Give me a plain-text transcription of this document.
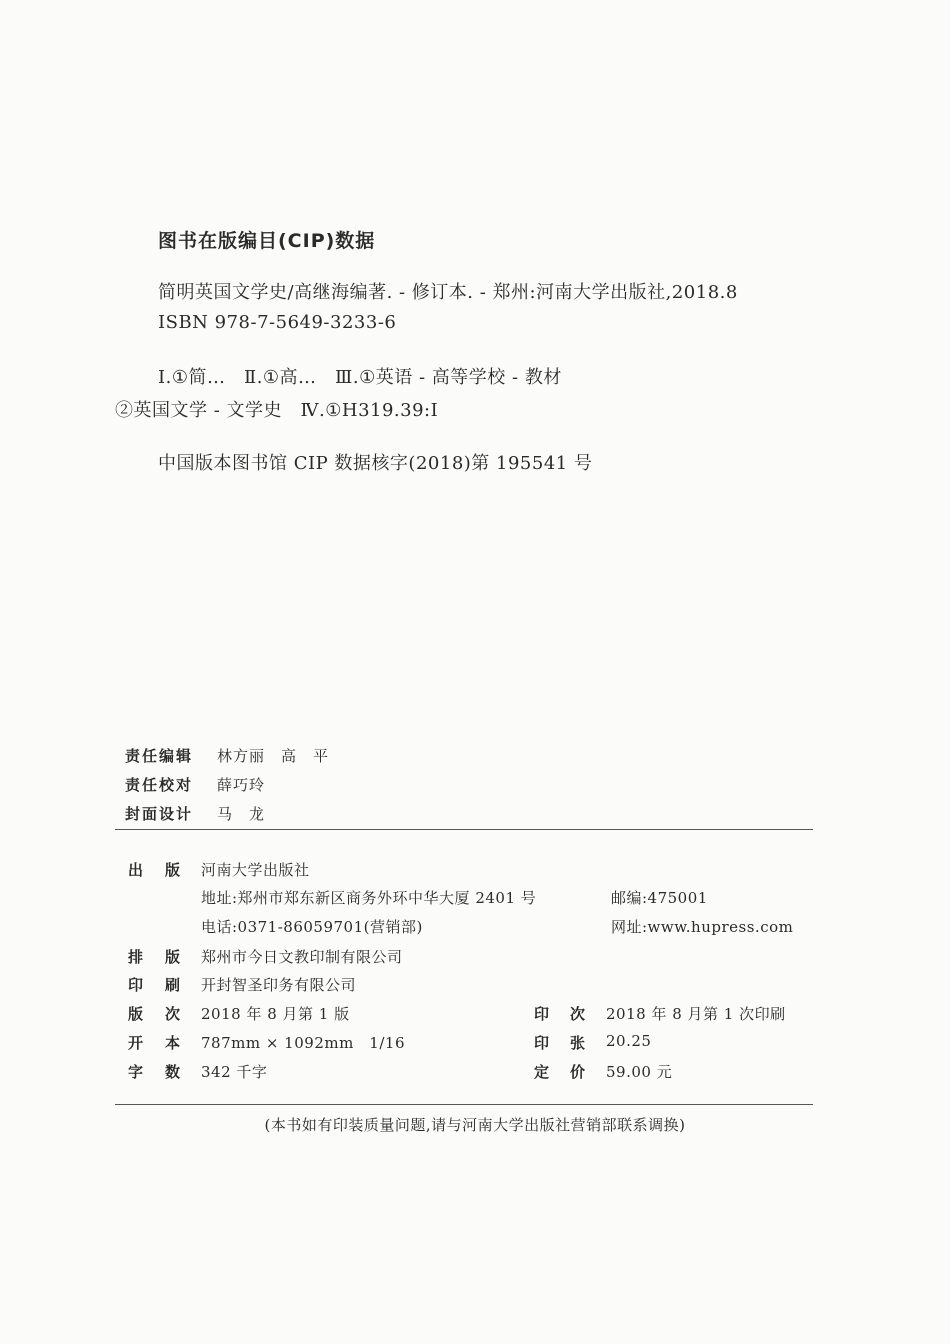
图书在版编目(CIP)数据
简明英国文学史/高继海编著. - 修订本. - 郑州:河南大学出版社,2018.8
ISBN 978-7-5649-3233-6
Ⅰ.①简…　Ⅱ.①高…　Ⅲ.①英语 - 高等学校 - 教材
②英国文学 - 文学史　Ⅳ.①H319.39:I
中国版本图书馆 CIP 数据核字(2018)第 195541 号
责任编辑 林方丽　高　平
责任校对 薛巧玲
封面设计 马　龙
出 版 河南大学出版社
地址:郑州市郑东新区商务外环中华大厦 2401 号	邮编:475001
电话:0371-86059701(营销部)	网址:www.hupress.com
排 版 郑州市今日文教印制有限公司
印 刷 开封智圣印务有限公司
版 次 2018 年 8 月第 1 版
开 本 787mm × 1092mm　1/16
字 数 342 千字
印 次 2018 年 8 月第 1 次印刷
印 张 20.25
定 价 59.00 元
(本书如有印装质量问题,请与河南大学出版社营销部联系调换)
